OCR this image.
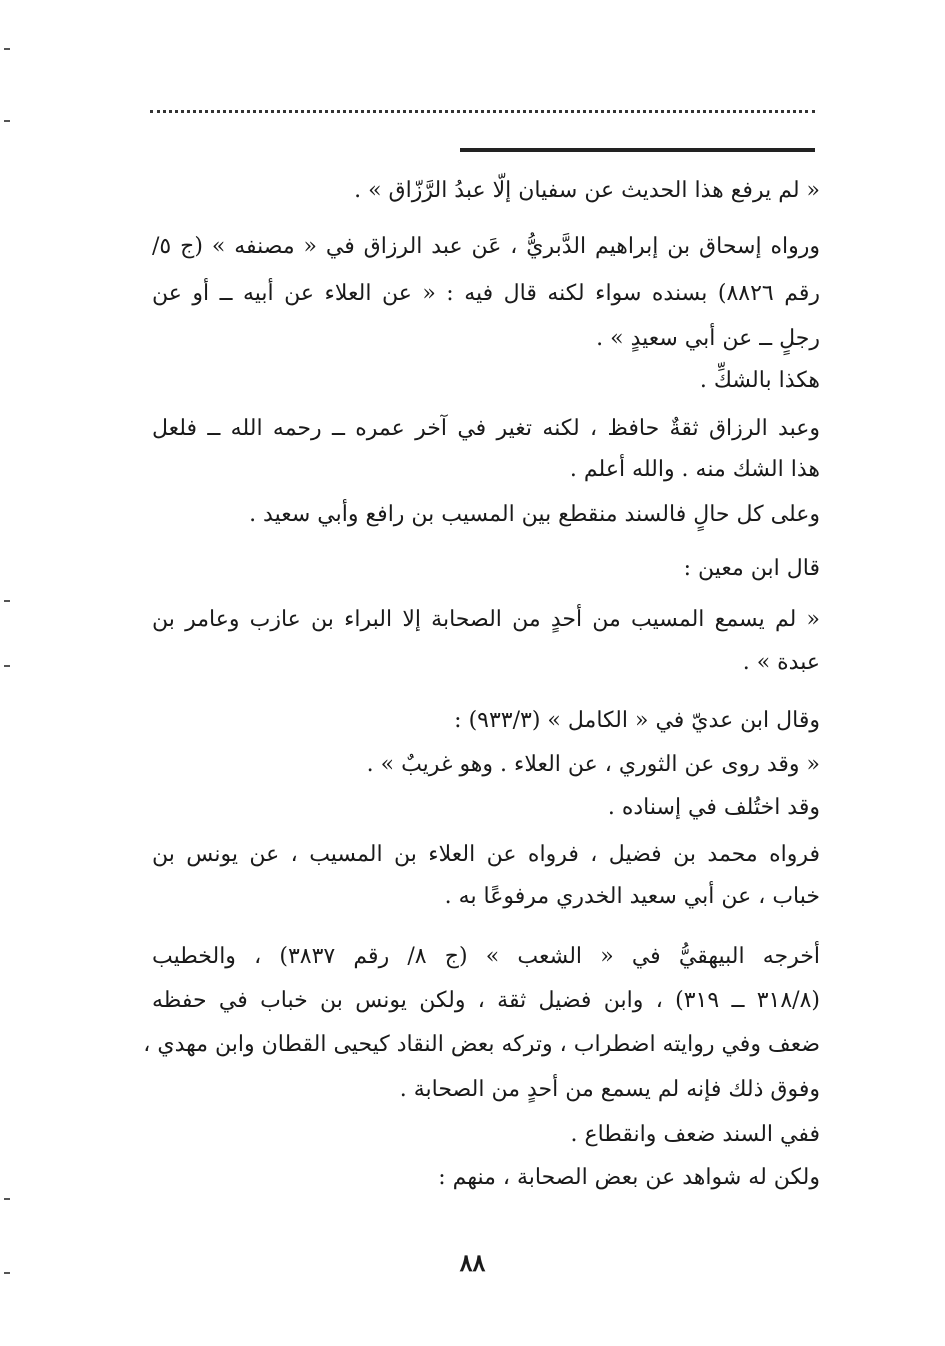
« لم يرفع هذا الحديث عن سفيان إلّا عبدُ الرَّزّاق » .
ورواه إسحاق بن إبراهيم الدَّبريُّ ، عَن عبد الرزاق في « مصنفه » (ج ٥/
رقم ٨٨٢٦) بسنده سواء لكنه قال فيه : « عن العلاء عن أبيه ــ أو عن
رجلٍ ــ عن أبي سعيدٍ » .
هكذا بالشكِّ .
وعبد الرزاق ثقةٌ حافظ ، لكنه تغير في آخر عمره ــ رحمه الله ــ فلعل
هذا الشك منه . والله أعلم .
وعلى كل حالٍ فالسند منقطع بين المسيب بن رافع وأبي سعيد .
قال ابن معين :
« لم يسمع المسيب من أحدٍ من الصحابة إلا البراء بن عازب وعامر بن
عبدة » .
وقال ابن عديّ في « الكامل » (٩٣٣/٣) :
« وقد روى عن الثوري ، عن العلاء . وهو غريبٌ » .
وقد اختُلف في إسناده .
فرواه محمد بن فضيل ، فرواه عن العلاء بن المسيب ، عن يونس بن
خباب ، عن أبي سعيد الخدري مرفوعًا به .
أخرجه البيهقيُّ في « الشعب » (ج ٨/ رقم ٣٨٣٧) ، والخطيب
(٣١٨/٨ ــ ٣١٩) ، وابن فضيل ثقة ، ولكن يونس بن خباب في حفظه
ضعف وفي روايته اضطراب ، وتركه بعض النقاد كيحيى القطان وابن مهدي ،
وفوق ذلك فإنه لم يسمع من أحدٍ من الصحابة .
ففي السند ضعف وانقطاع .
ولكن له شواهد عن بعض الصحابة ، منهم :
٨٨
